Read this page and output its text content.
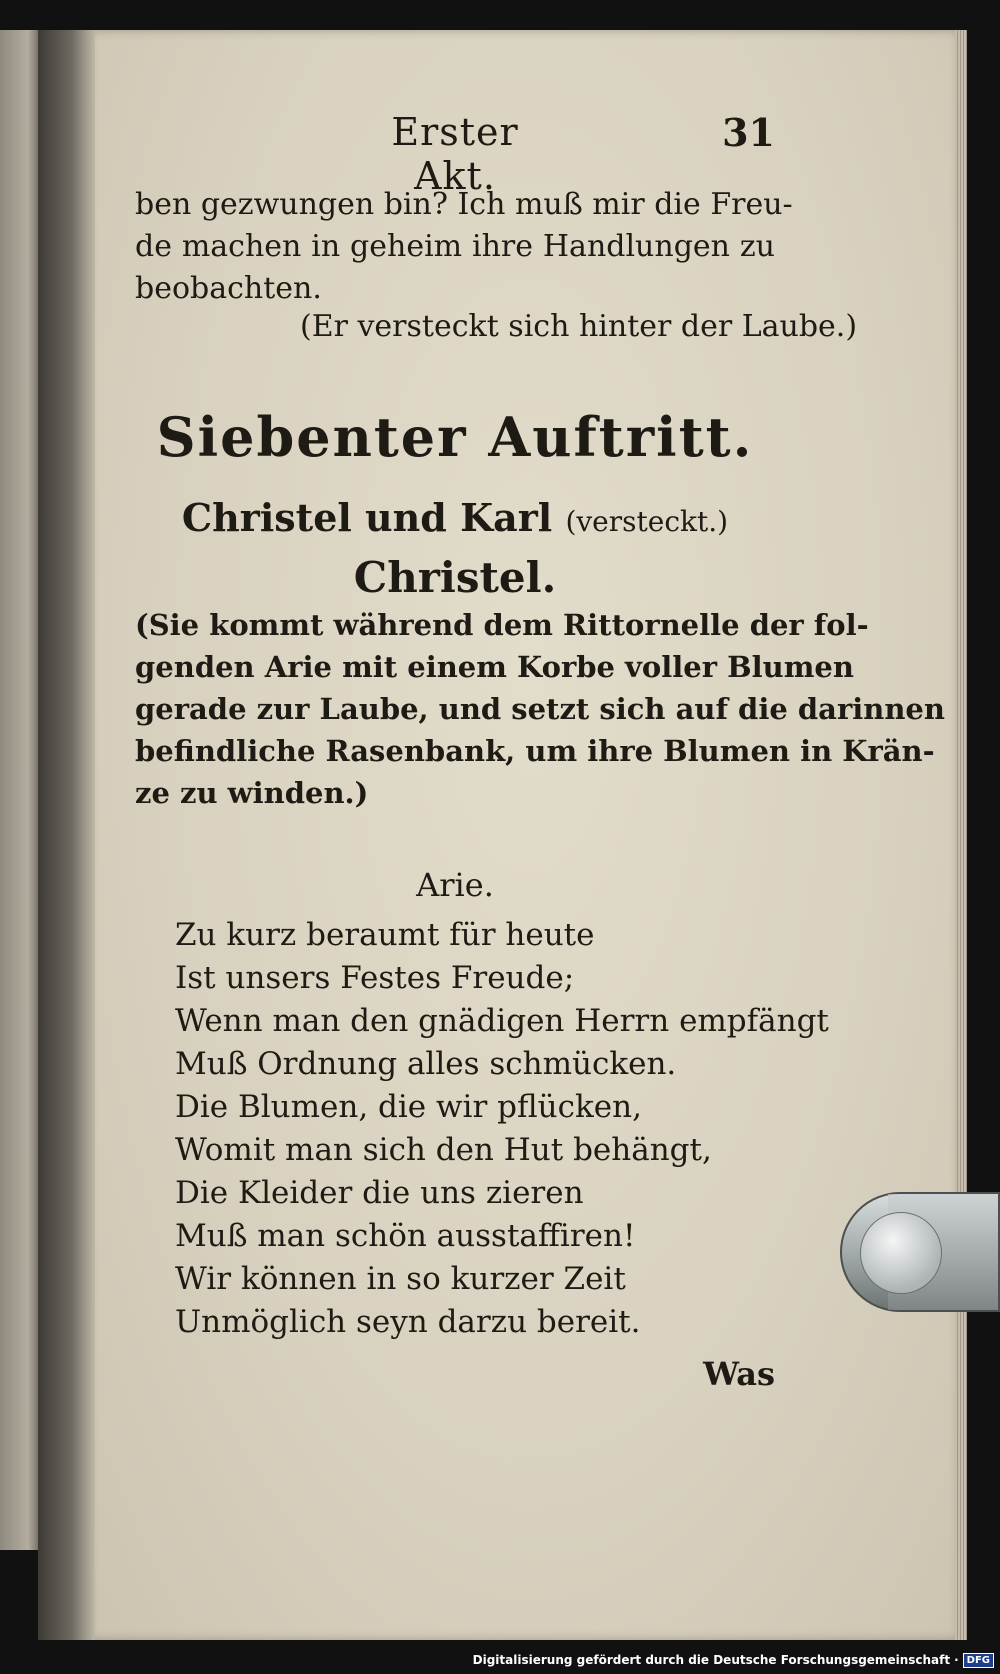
Erster Akt.
31
ben gezwungen bin? Ich muß mir die Freu-
de machen in geheim ihre Handlungen zu
beobachten.
(Er versteckt sich hinter der Laube.)
Siebenter Auftritt.
Christel und Karl (versteckt.)
Christel.
(Sie kommt während dem Rittornelle der fol-
genden Arie mit einem Korbe voller Blumen
gerade zur Laube, und setzt sich auf die darinnen
befindliche Rasenbank, um ihre Blumen in Krän-
ze zu winden.)
Arie.
Zu kurz beraumt für heute
Ist unsers Festes Freude;
Wenn man den gnädigen Herrn empfängt
Muß Ordnung alles schmücken.
Die Blumen, die wir pflücken,
Womit man sich den Hut behängt,
Die Kleider die uns zieren
Muß man schön ausstaffiren!
Wir können in so kurzer Zeit
Unmöglich seyn darzu bereit.
Was
Digitalisierung gefördert durch die Deutsche Forschungsgemeinschaft · DFG
